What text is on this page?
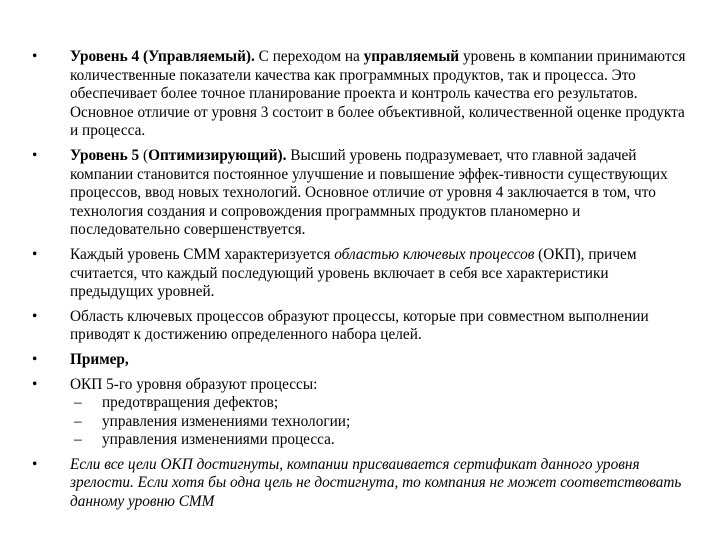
•	Уровень 4 (Управляемый). С переходом на управляемый уровень в компании принимаются количественные показатели качества как программных продуктов, так и процесса. Это обеспечивает более точное планирование проекта и контроль качества его результатов. Основное отличие от уровня 3 состоит в более объективной, количественной оценке продукта и процесса.
•	Уровень 5 (Оптимизирующий). Высший уровень подразумевает, что главной задачей компании становится постоянное улучшение и повышение эффек-тивности существующих процессов, ввод новых технологий. Основное отличие от уровня 4 заключается в том, что технология создания и сопровождения программных продуктов планомерно и последовательно совершенствуется.
•	Каждый уровень СММ характеризуется областью ключевых процессов (ОКП), причем считается, что каждый последующий уровень включает в себя все характеристики предыдущих уровней.
•	Область ключевых процессов образуют процессы, которые при совместном выполнении приводят к достижению определенного набора целей.
•	Пример,
•	ОКП 5-го уровня образуют процессы:
– предотвращения дефектов;
– управления изменениями технологии;
– управления изменениями процесса.
•	Если все цели ОКП достигнуты, компании присваивается сертификат данного уровня зрелости. Если хотя бы одна цель не достигнута, то компания не может соответствовать данному уровню СММ
